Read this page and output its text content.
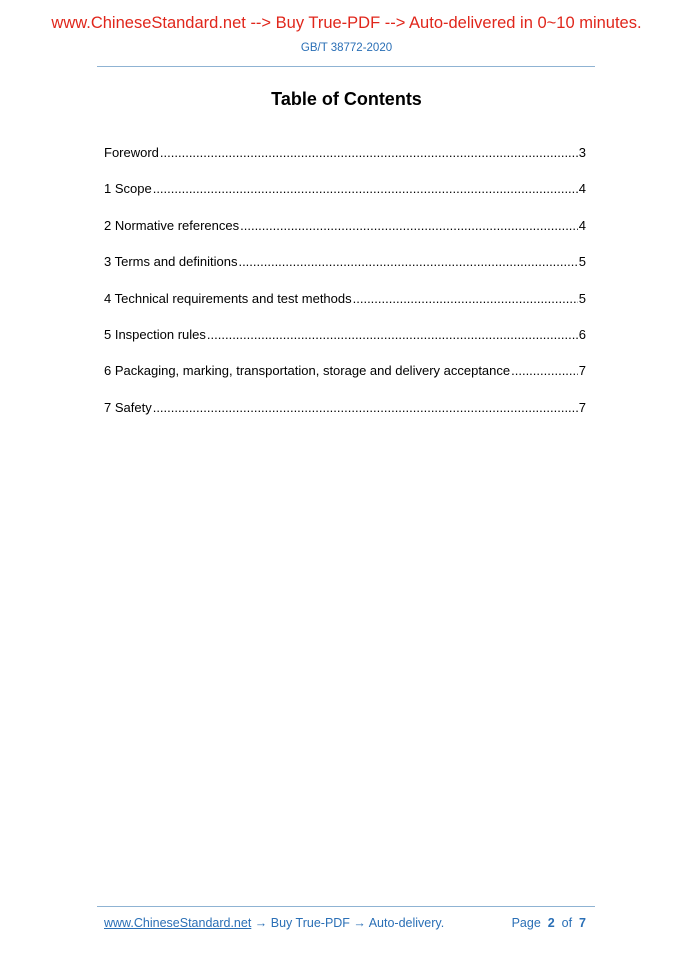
www.ChineseStandard.net --> Buy True-PDF --> Auto-delivered in 0~10 minutes.
GB/T 38772-2020
Table of Contents
Foreword .....	3
1 Scope .....	4
2 Normative references .....	4
3 Terms and definitions .....	5
4 Technical requirements and test methods .....	5
5 Inspection rules .....	6
6 Packaging, marking, transportation, storage and delivery acceptance .....	7
7 Safety .....	7
www.ChineseStandard.net → Buy True-PDF → Auto-delivery.	Page 2 of 7
